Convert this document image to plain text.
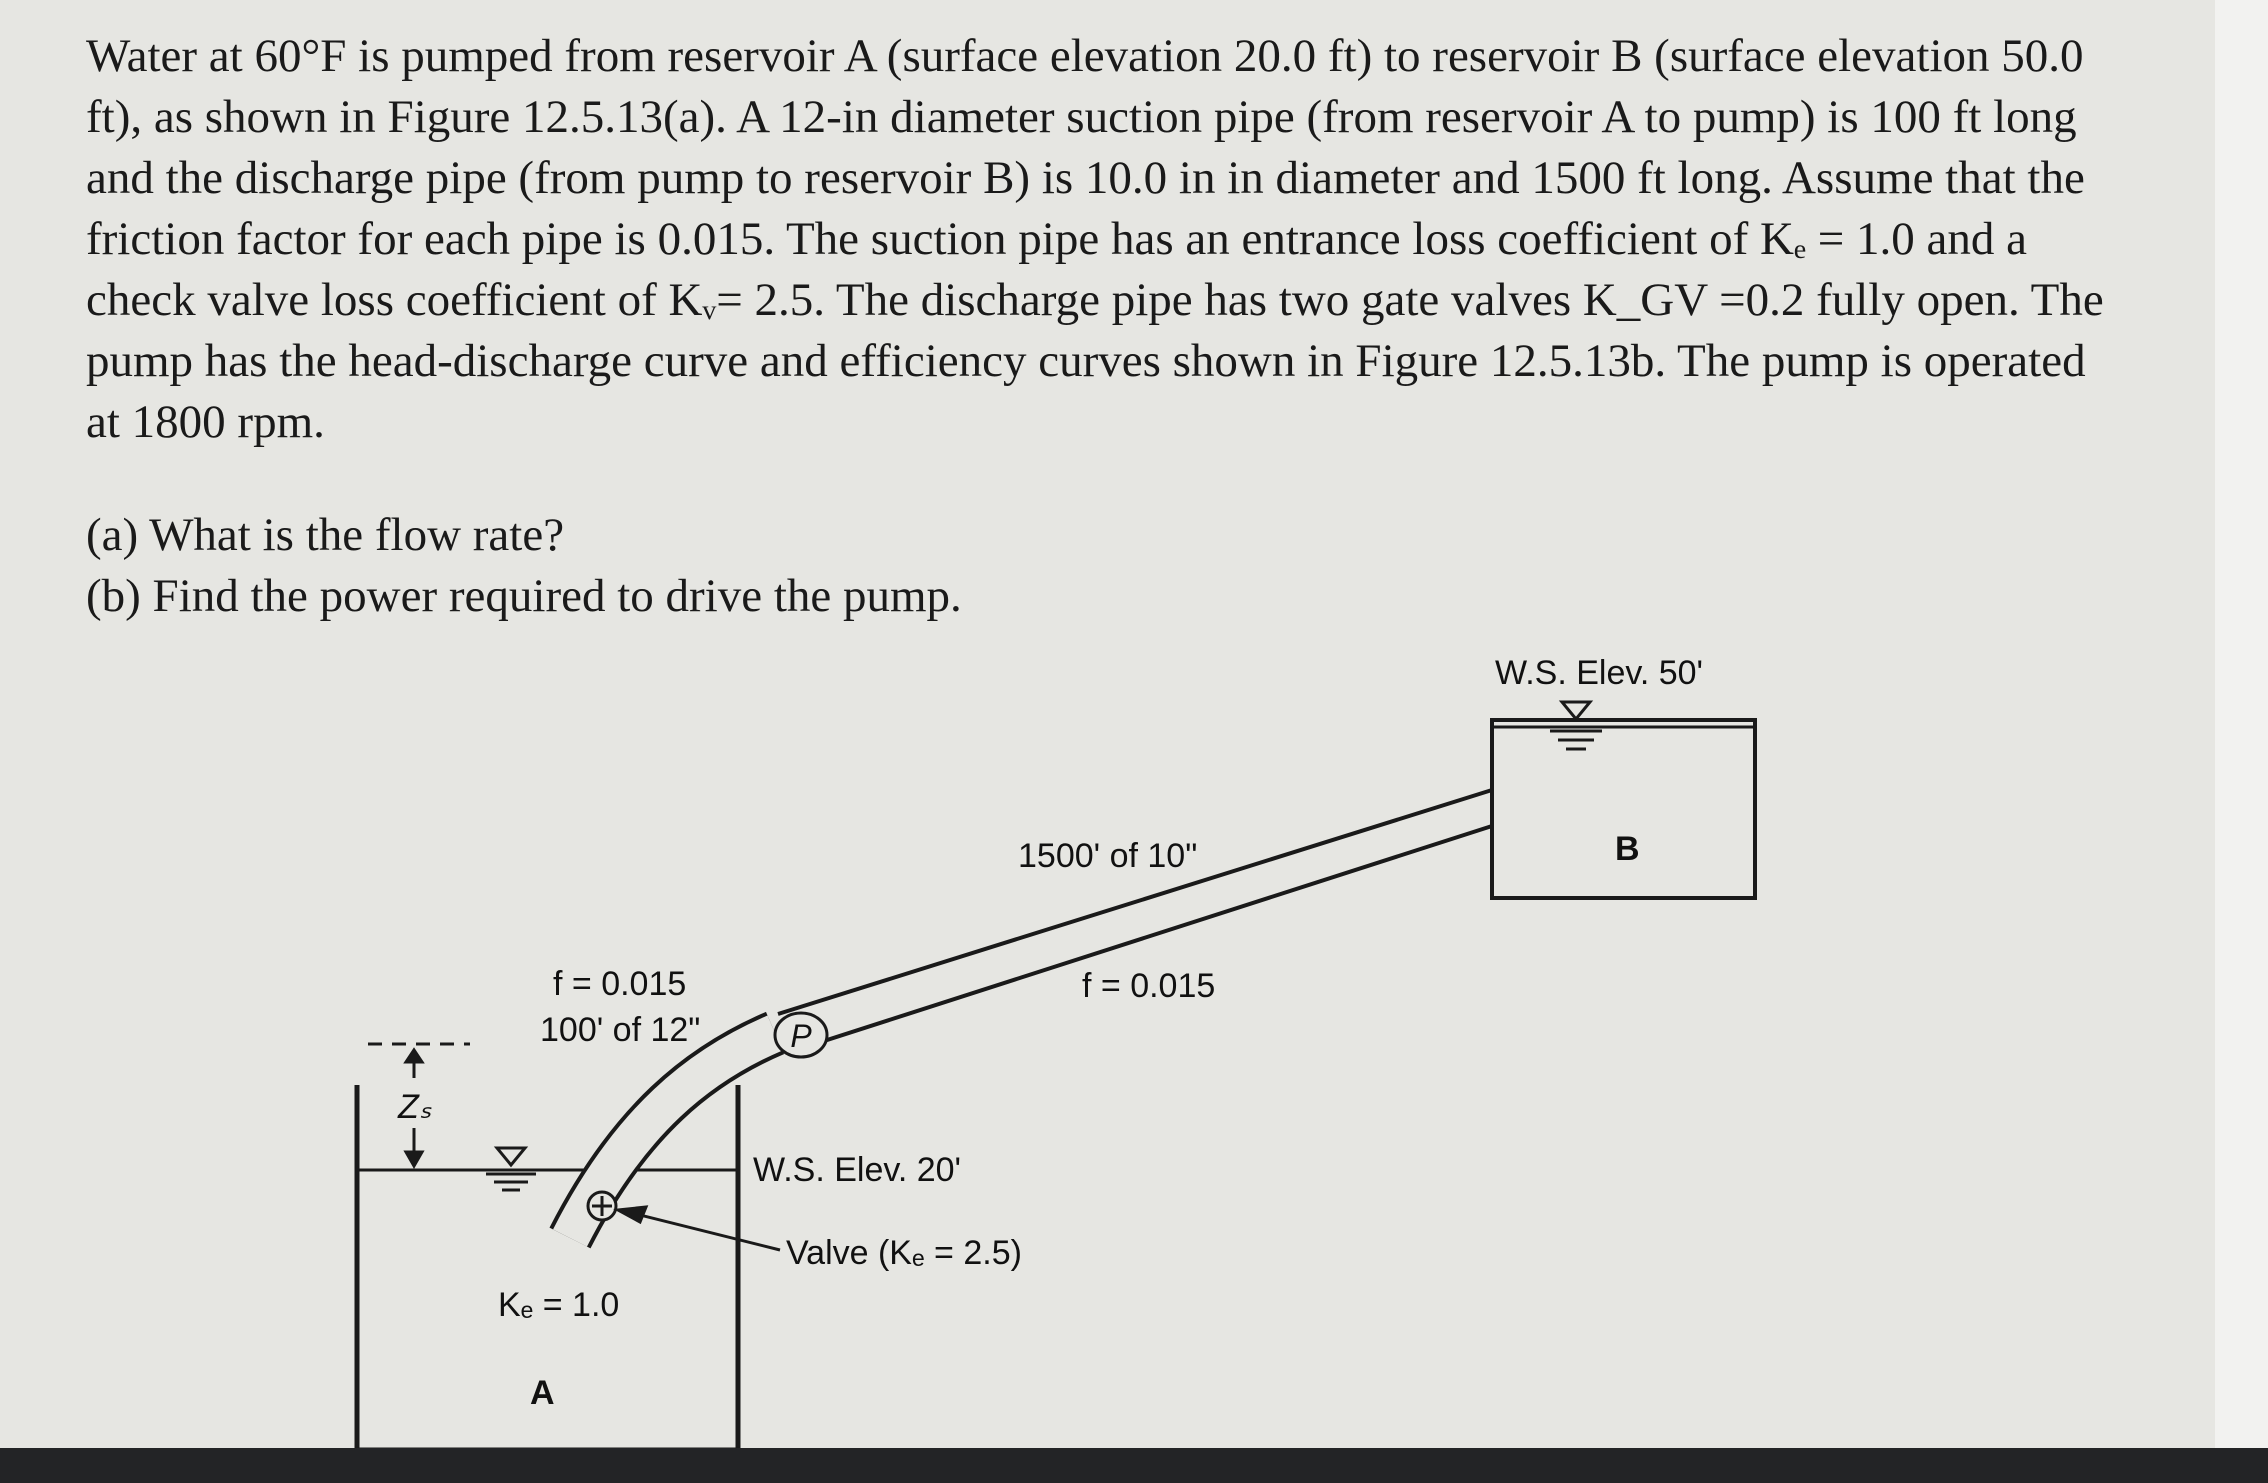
Water at 60°F is pumped from reservoir A (surface elevation 20.0 ft) to reservoir B (surface elevation 50.0
ft), as shown in Figure 12.5.13(a). A 12-in diameter suction pipe (from reservoir A to pump) is 100 ft long
and the discharge pipe (from pump to reservoir B) is 10.0 in in diameter and 1500 ft long. Assume that the
friction factor for each pipe is 0.015. The suction pipe has an entrance loss coefficient of Kₑ = 1.0 and a
check valve loss coefficient of Kᵥ= 2.5. The discharge pipe has two gate valves K_GV =0.2 fully open. The
pump has the head-discharge curve and efficiency curves shown in Figure 12.5.13b. The pump is operated
at 1800 rpm.
(a) What is the flow rate?
(b) Find the power required to drive the pump.
Zₛ
P
W.S. Elev. 50'
B
1500' of 10"
f = 0.015
f = 0.015
100' of 12"
W.S. Elev. 20'
Valve (Kₑ = 2.5)
Kₑ = 1.0
A
